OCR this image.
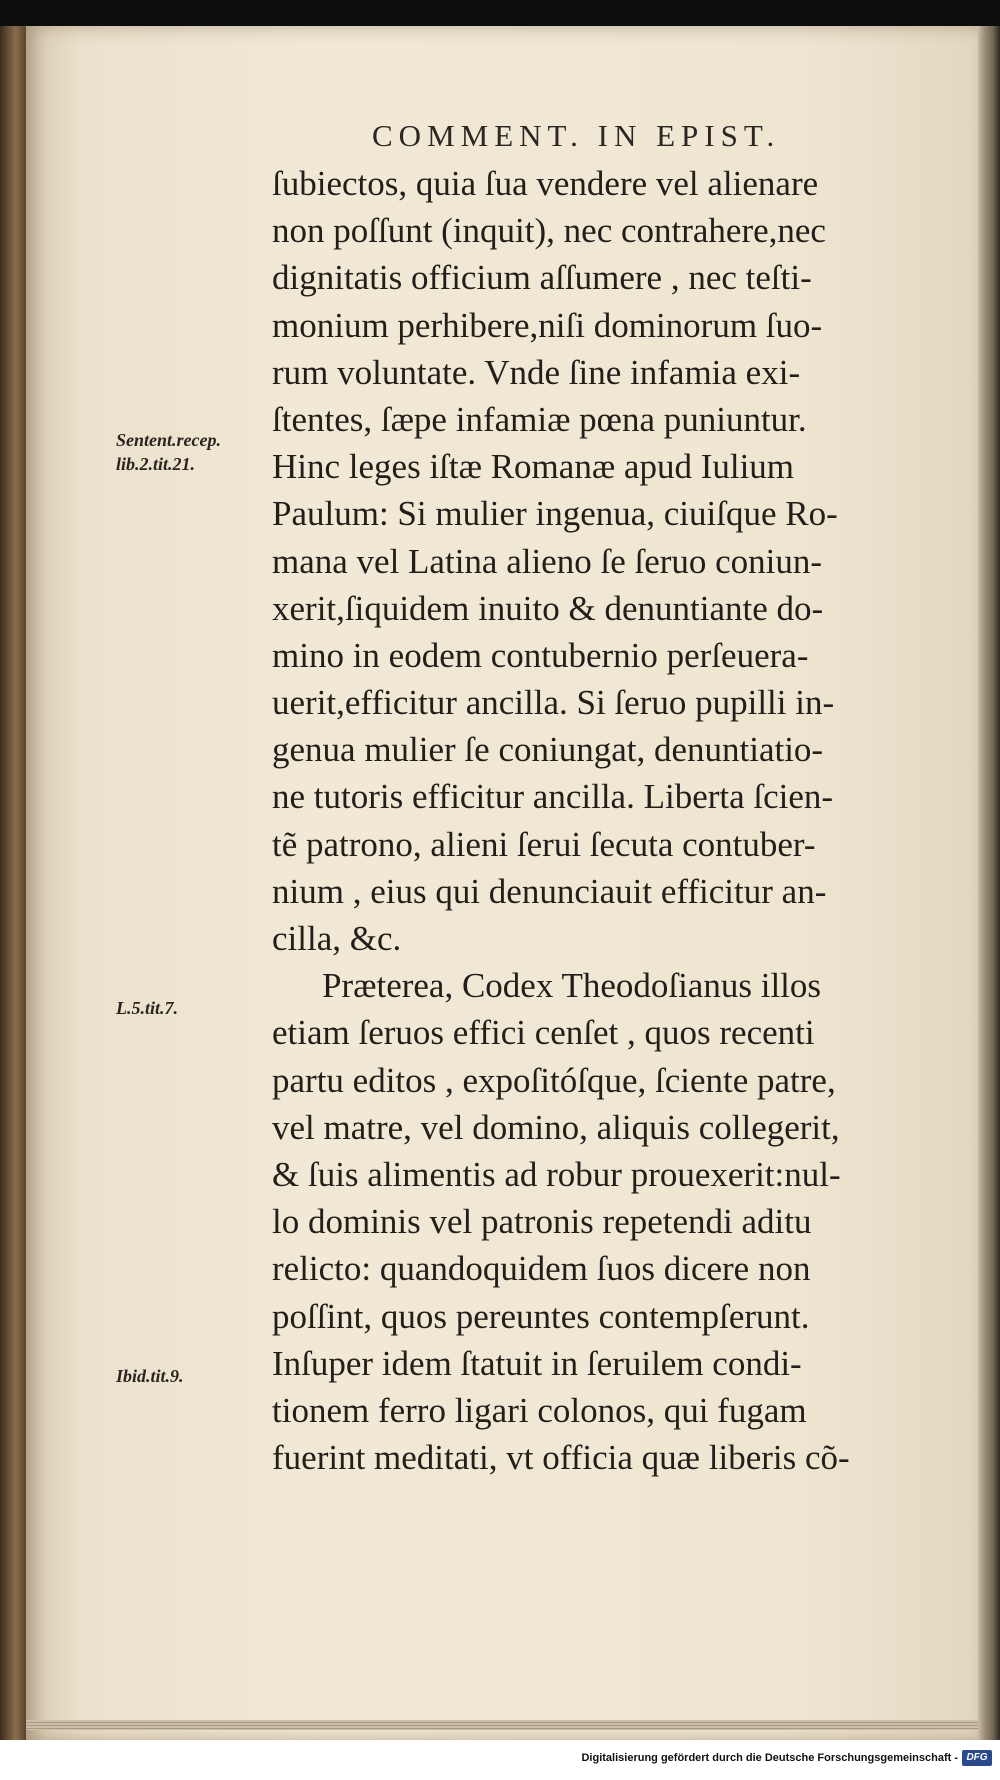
COMMENT. IN EPIST.
Sentent.recep.
lib.2.tit.21.
L.5.tit.7.
Ibid.tit.9.
ſubiectos, quia ſua vendere vel alienare
non poſſunt (inquit), nec contrahere,nec
dignitatis officium aſſumere , nec teſti-
monium perhibere,niſi dominorum ſuo-
rum voluntate. Vnde ſine infamia exi-
ſtentes, ſæpe infamiæ pœna puniuntur.
Hinc leges iſtæ Romanæ apud Iulium
Paulum: Si mulier ingenua, ciuiſque Ro-
mana vel Latina alieno ſe ſeruo coniun-
xerit,ſiquidem inuito & denuntiante do-
mino in eodem contubernio perſeuera-
uerit,efficitur ancilla. Si ſeruo pupilli in-
genua mulier ſe coniungat, denuntiatio-
ne tutoris efficitur ancilla. Liberta ſcien-
tẽ patrono, alieni ſerui ſecuta contuber-
nium , eius qui denunciauit efficitur an-
cilla, &c.
Præterea, Codex Theodoſianus illos
etiam ſeruos effici cenſet , quos recenti
partu editos , expoſitóſque, ſciente patre,
vel matre, vel domino, aliquis collegerit,
& ſuis alimentis ad robur prouexerit:nul-
lo dominis vel patronis repetendi aditu
relicto: quandoquidem ſuos dicere non
poſſint, quos pereuntes contempſerunt.
Inſuper idem ſtatuit in ſeruilem condi-
tionem ferro ligari colonos, qui fugam
fuerint meditati, vt officia quæ liberis cõ-
Digitalisierung gefördert durch die Deutsche Forschungsgemeinschaft - DFG
